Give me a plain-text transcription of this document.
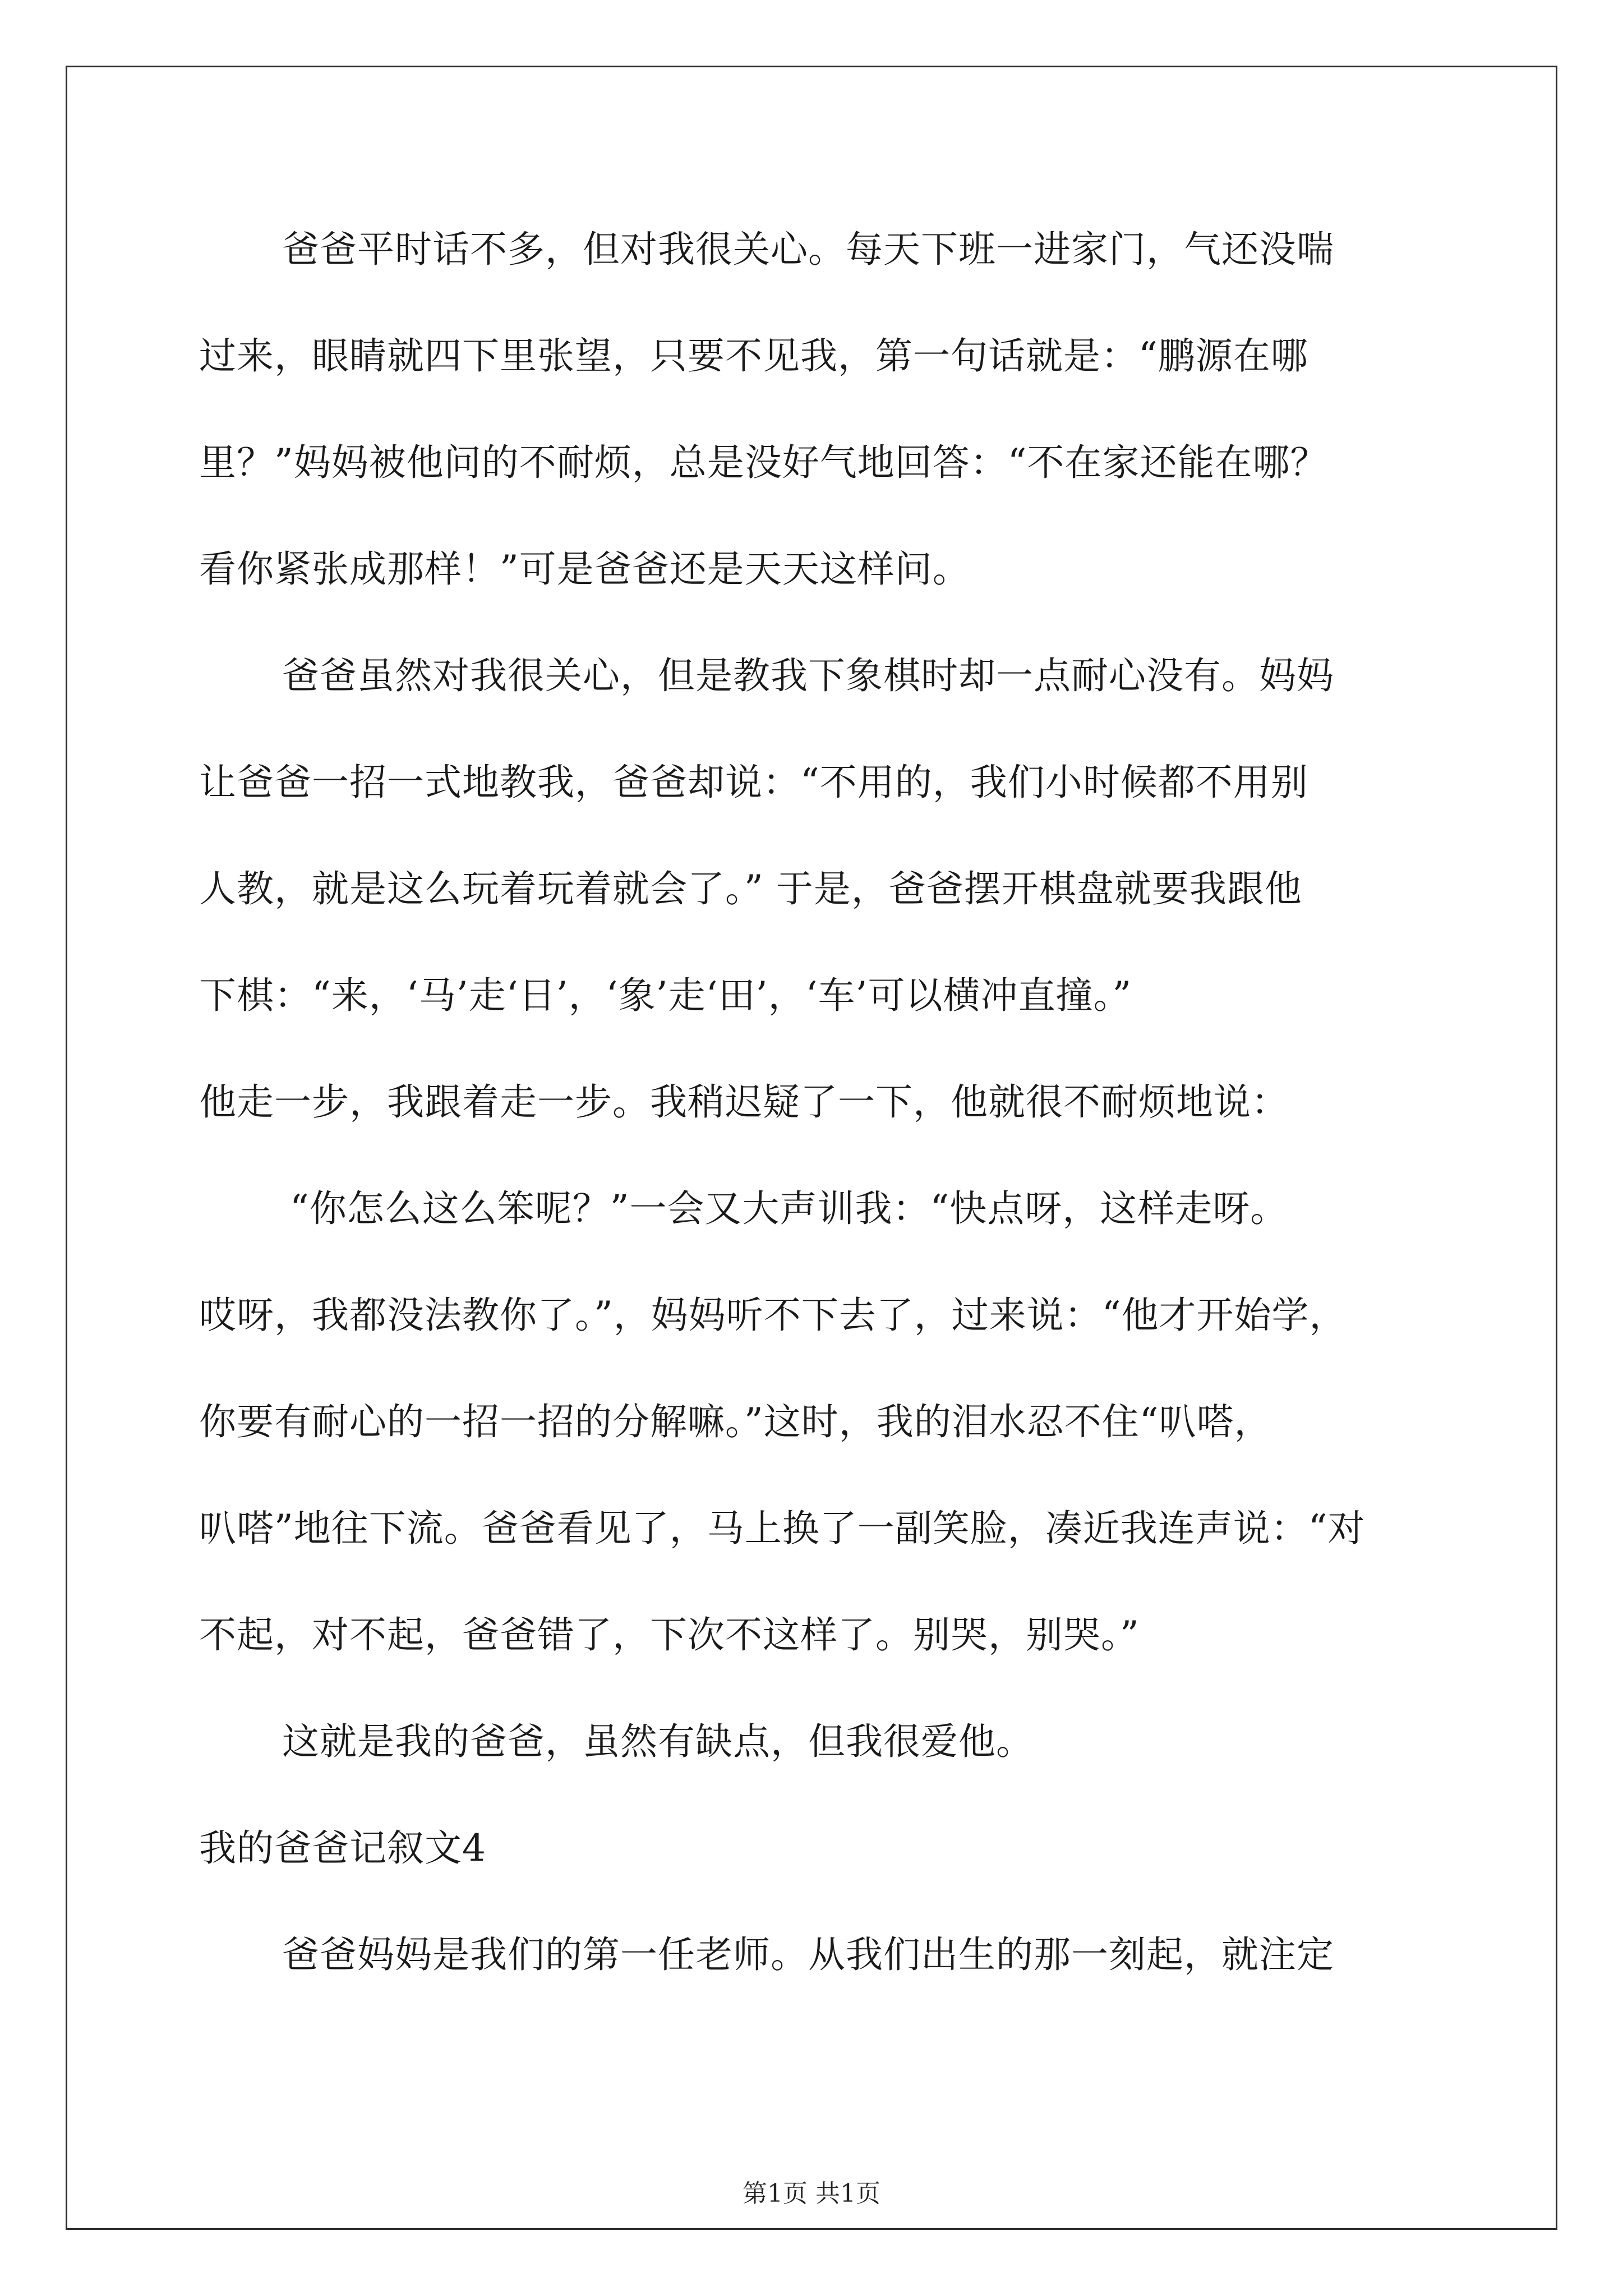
爸爸平时话不多，但对我很关心。每天下班一进家门，气还没喘
过来，眼睛就四下里张望，只要不见我，第一句话就是：“鹏源在哪
里？”妈妈被他问的不耐烦，总是没好气地回答：“不在家还能在哪？
看你紧张成那样！”可是爸爸还是天天这样问。
爸爸虽然对我很关心，但是教我下象棋时却一点耐心没有。妈妈
让爸爸一招一式地教我，爸爸却说：“不用的，我们小时候都不用别
人教，就是这么玩着玩着就会了。” 于是，爸爸摆开棋盘就要我跟他
下棋：“来，‘马’走‘日’，‘象’走‘田’，‘车’可以横冲直撞。”
他走一步，我跟着走一步。我稍迟疑了一下，他就很不耐烦地说：
“你怎么这么笨呢？”一会又大声训我：“快点呀，这样走呀。
哎呀，我都没法教你了。”，妈妈听不下去了，过来说：“他才开始学，
你要有耐心的一招一招的分解嘛。”这时，我的泪水忍不住“叭嗒，
叭嗒”地往下流。爸爸看见了，马上换了一副笑脸，凑近我连声说：“对
不起，对不起，爸爸错了，下次不这样了。别哭，别哭。”
这就是我的爸爸，虽然有缺点，但我很爱他。
我的爸爸记叙文4
爸爸妈妈是我们的第一任老师。从我们出生的那一刻起，就注定
第1页 共1页
